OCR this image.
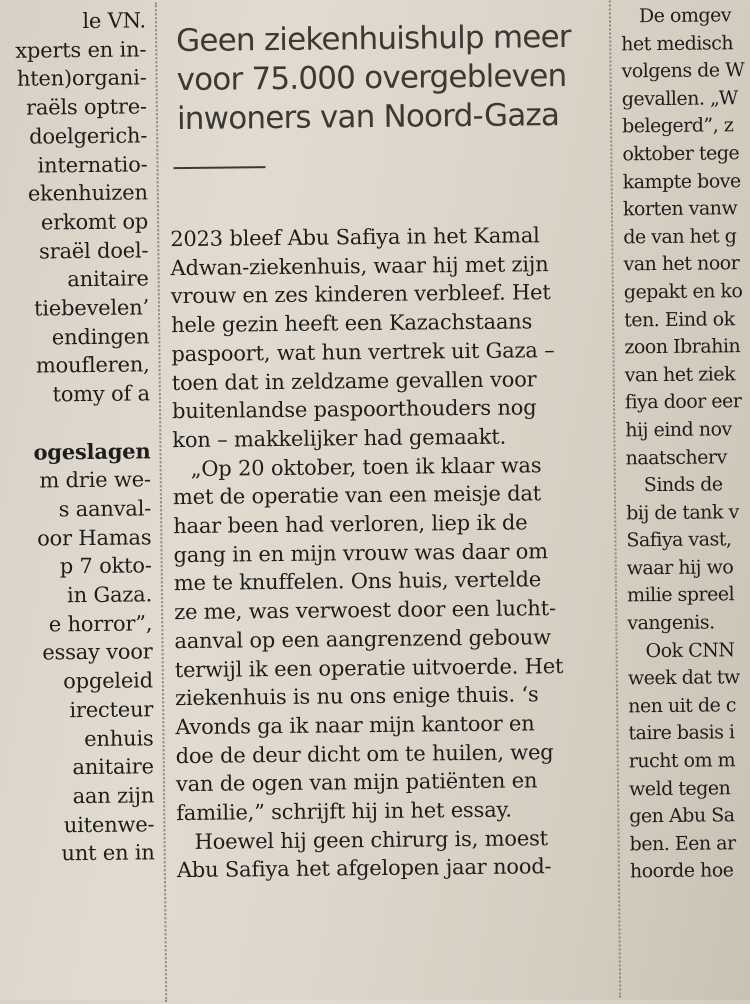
le VN.
xperts en in-
hten)organi-
raëls optre-
doelgerich-
internatio-
ekenhuizen
erkomt op
sraël doel-
anitaire
tiebevelen’
endingen
moufleren,
tomy of a

ogeslagen
m drie we-
s aanval-
oor Hamas
p 7 okto-
in Gaza.
e horror”,
essay voor
opgeleid
irecteur
enhuis
anitaire
aan zijn
uitenwe-
unt en in
Geen ziekenhuishulp meer
voor 75.000 overgebleven
inwoners van Noord-Gaza
2023 bleef Abu Safiya in het Kamal
Adwan-ziekenhuis, waar hij met zijn
vrouw en zes kinderen verbleef. Het
hele gezin heeft een Kazachstaans
paspoort, wat hun vertrek uit Gaza –
toen dat in zeldzame gevallen voor
buitenlandse paspoorthouders nog
kon – makkelijker had gemaakt.
„Op 20 oktober, toen ik klaar was
met de operatie van een meisje dat
haar been had verloren, liep ik de
gang in en mijn vrouw was daar om
me te knuffelen. Ons huis, vertelde
ze me, was verwoest door een lucht-
aanval op een aangrenzend gebouw
terwijl ik een operatie uitvoerde. Het
ziekenhuis is nu ons enige thuis. ‘s
Avonds ga ik naar mijn kantoor en
doe de deur dicht om te huilen, weg
van de ogen van mijn patiënten en
familie,” schrijft hij in het essay.
Hoewel hij geen chirurg is, moest
Abu Safiya het afgelopen jaar nood-
De omgev
het medisch
volgens de W
gevallen. „W
belegerd”, z
oktober tege
kampte bove
korten vanw
de van het g
van het noor
gepakt en ko
ten. Eind ok
zoon Ibrahin
van het ziek
fiya door eer
hij eind nov
naatscherv
Sinds de
bij de tank v
Safiya vast,
waar hij wo
milie spreel
vangenis.
Ook CNN
week dat tw
nen uit de c
taire basis i
rucht om m
weld tegen
gen Abu Sa
ben. Een ar
hoorde hoe
